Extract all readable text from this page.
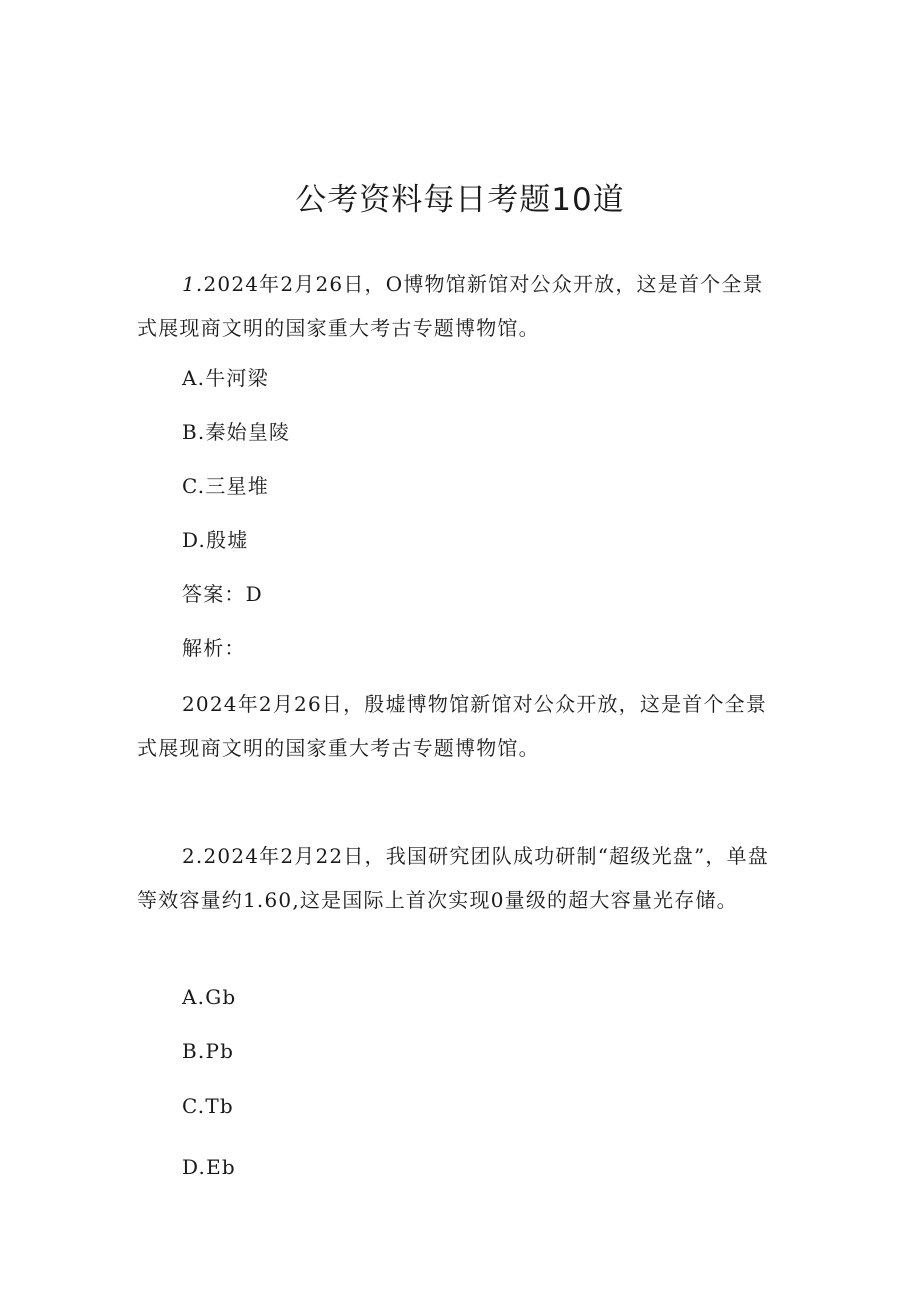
公考资料每日考题10道

1.2024年2月26日，O博物馆新馆对公众开放，这是首个全景式展现商文明的国家重大考古专题博物馆。

A.牛河梁

B.秦始皇陵

C.三星堆

D.殷墟

答案：D

解析：

2024年2月26日，殷墟博物馆新馆对公众开放，这是首个全景式展现商文明的国家重大考古专题博物馆。

2.2024年2月22日，我国研究团队成功研制“超级光盘”，单盘等效容量约1.60,这是国际上首次实现0量级的超大容量光存储。

A.Gb

B.Pb

C.Tb

D.Eb
